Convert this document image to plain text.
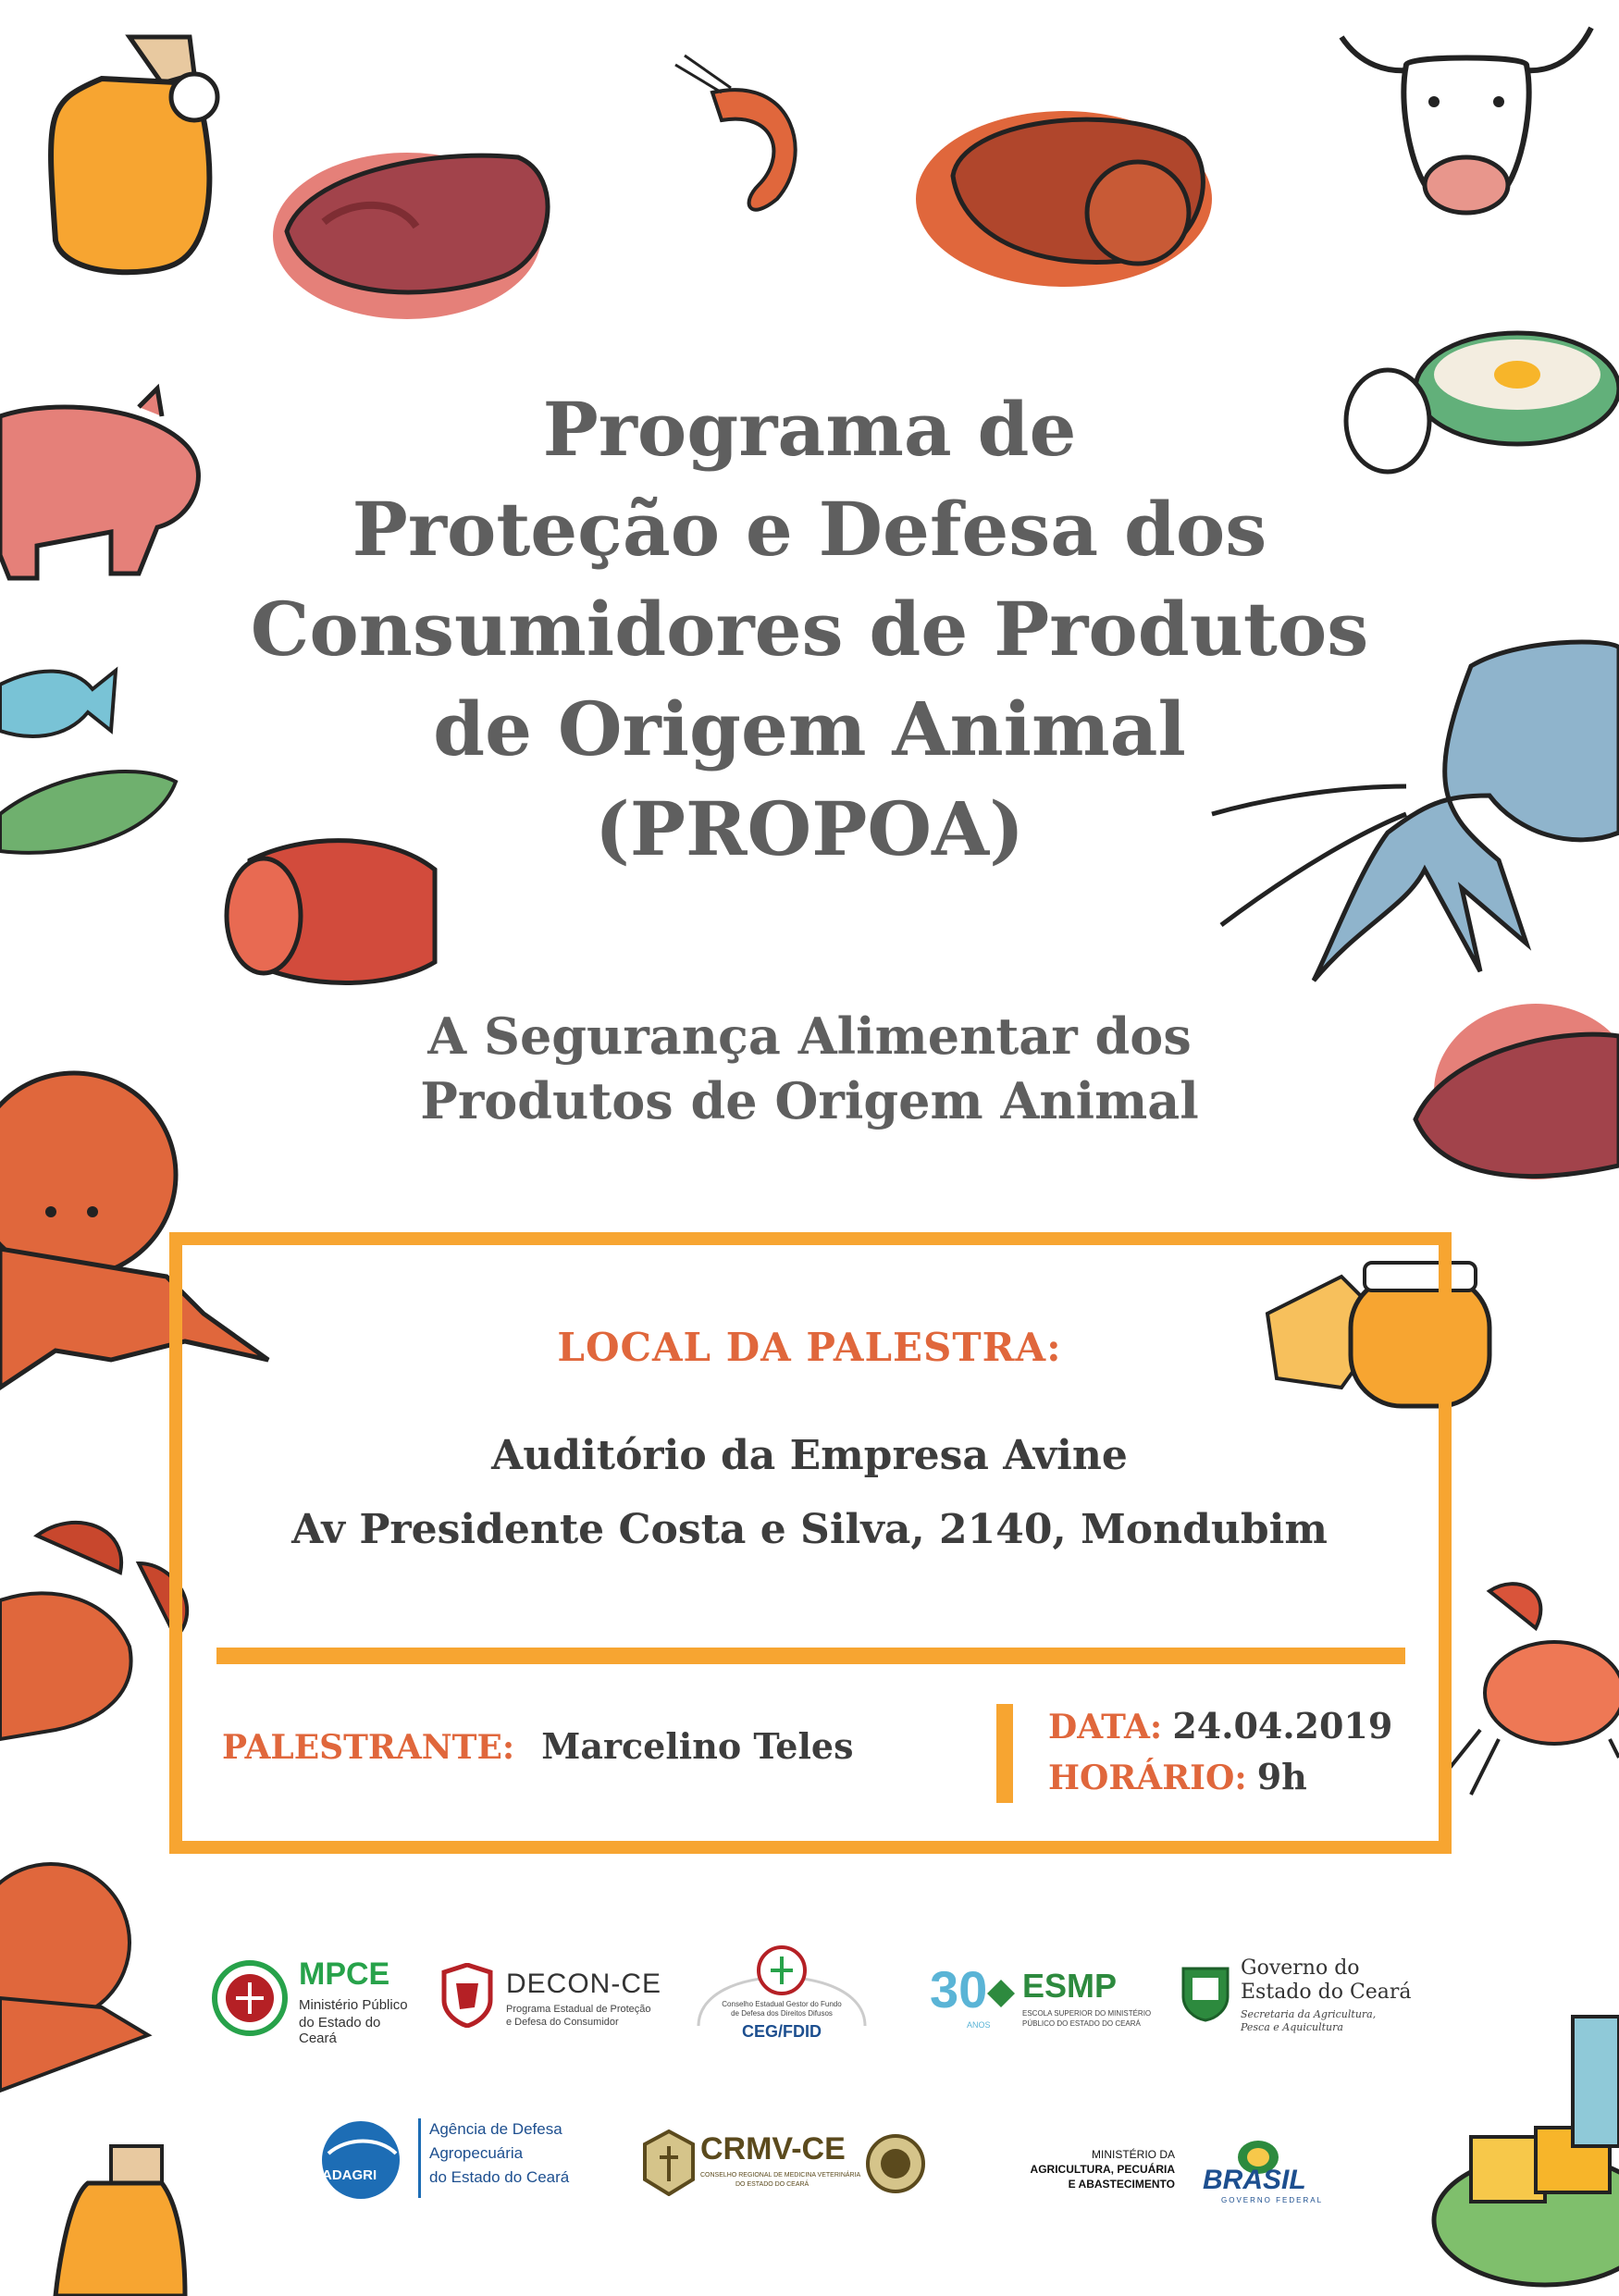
Programa de
Proteção e Defesa dos
Consumidores de Produtos
de Origem Animal
(PROPOA)
A Segurança Alimentar dos
Produtos de Origem Animal
LOCAL DA PALESTRA:
Auditório da Empresa Avine
Av Presidente Costa e Silva, 2140, Mondubim
PALESTRANTE: Marcelino Teles	DATA: 24.04.2019
HORÁRIO: 9h
MPCE
Ministério Público
do Estado do Ceará
DECON-CE
Programa Estadual de Proteção
e Defesa do Consumidor
Conselho Estadual Gestor do Fundo
de Defesa dos Direitos Difusos
CEG/FDID
30
ANOS
ESMP
ESCOLA SUPERIOR DO MINISTÉRIO
PÚBLICO DO ESTADO DO CEARÁ
Governo do
Estado do Ceará
Secretaria da Agricultura,
Pesca e Aquicultura
ADAGRI
Agência de Defesa
Agropecuária
do Estado do Ceará
CRMV-CE
CONSELHO REGIONAL DE MEDICINA VETERINÁRIA
DO ESTADO DO CEARÁ
MINISTÉRIO DA
AGRICULTURA, PECUÁRIA
E ABASTECIMENTO BRASIL
GOVERNO FEDERAL
